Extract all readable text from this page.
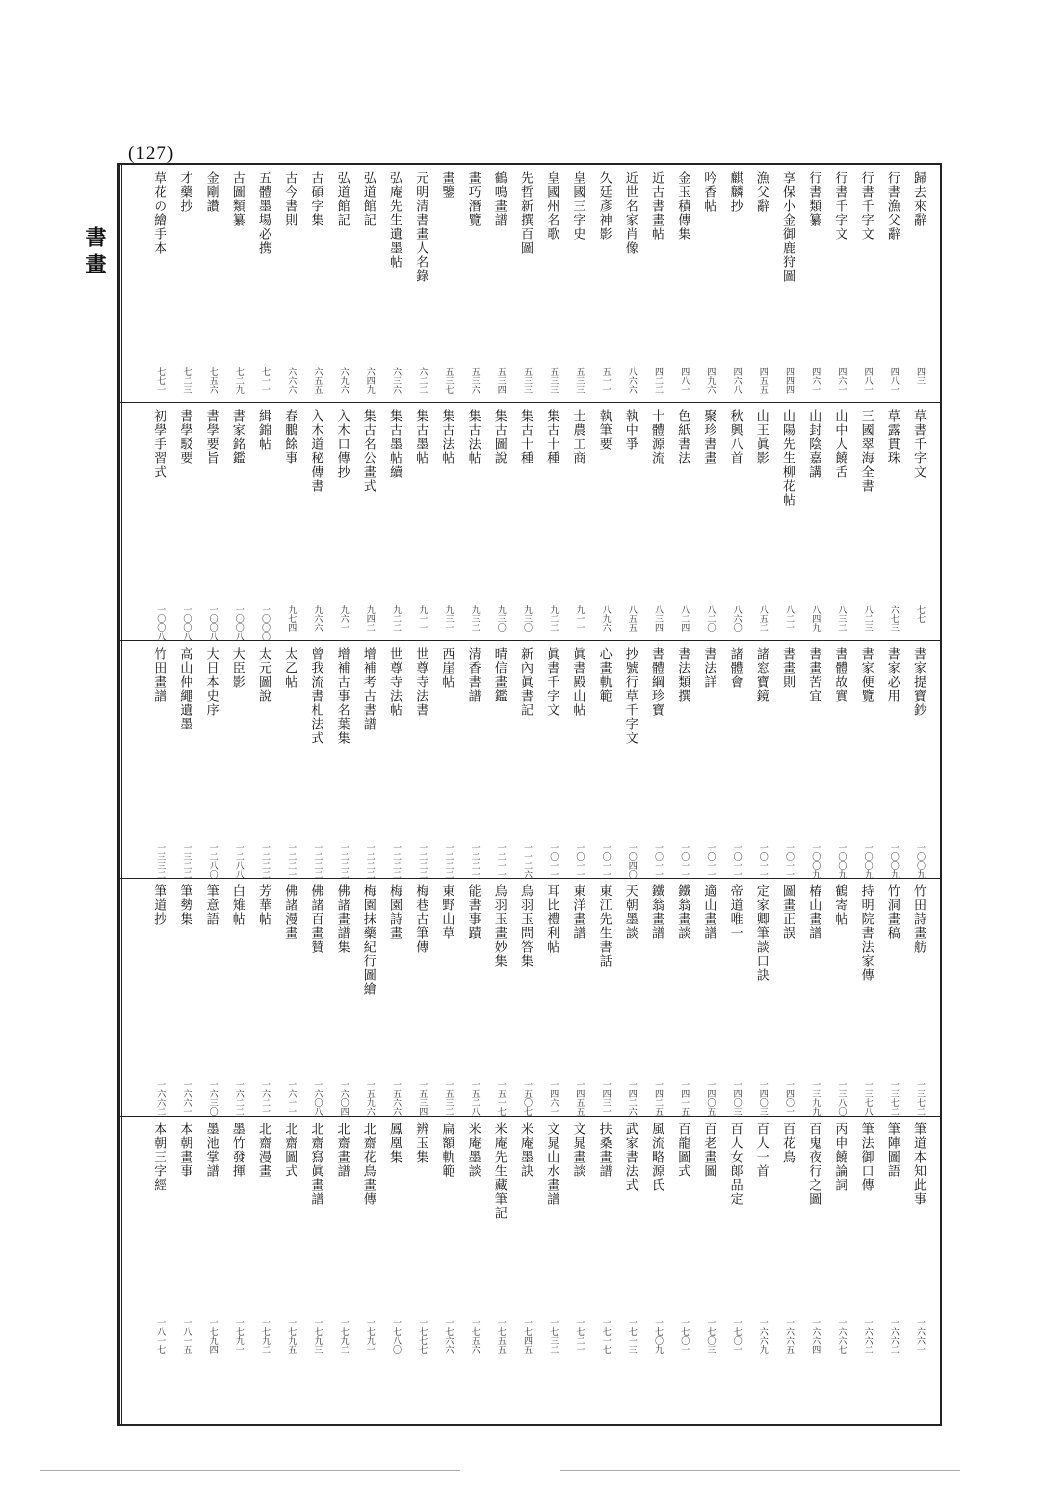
(127)
書畫
歸去來辭
四三
行書漁父辭
四八一
行書千字文
四八一
行書千字文
四六一
行書類纂
四六一
享保小金御鹿狩圖
四四四
漁父辭
四五五
麒麟抄
四六八
吟香帖
四九六
金玉積傳集
四八一
近古書畫帖
四二二
近世名家肖像
八六六
久廷彥神影
五一一
皇國三字史
五三三
皇國州名歌
五三三
先哲新撰百圖
五三三
鶴鳴畫譜
五三四
畫巧潛覽
五三六
畫鑒
五三七
元明清書畫人名錄
六二二
弘庵先生遺墨帖
六三六
弘道館記
六四九
弘道館記
六九六
古碩字集
六五五
古今書則
六六六
五體墨場必携
七一一
古圖類纂
七二九
金剛讚
七五六
才藥抄
七二三
草花の繪手本
七七一
草書千字文
七七
草露貫珠
六七三
三國翠海全書
八二三
山中人饒舌
八三二
山封陰嘉講
八四九
山陽先生柳花帖
八二一
山王眞影
八五二
秋興八首
八六〇
聚珍書畫
八二〇
色紙書法
八二四
十體源流
八三四
執中爭
八五五
執筆要
八九六
士農工商
九一一
集古十種
九二二
集古十種
九三〇
集古圖說
九三〇
集古法帖
九三二
集古法帖
九三一
集古墨帖
九一一
集古墨帖續
九二二
集古名公畫式
九四二
入木口傳抄
九六一
入木道秘傳書
九六六
春鵬餘事
九七四
緝錦帖
一〇〇〇
書家銘鑑
一〇〇八
書學要旨
一〇〇八
書學駁要
一〇〇八
初學手習式
一〇〇八
書家提寶鈔
一〇〇九
書家必用
一〇〇九
書家便覽
一〇〇九
書體故實
一〇〇九
書畫苦宜
一〇〇九
書畫則
一〇一一
諸窓寶鏡
一〇一一
諸體會
一〇一一
書法詳
一〇一一
書法類撰
一〇一一
書體綱珍寶
一〇一一
抄號行草千字文
一〇四〇
心畫軌範
一〇一一
眞書殿山帖
一〇一一
眞書千字文
一〇一一
新內眞書記
一一二六
晴信畫鑑
一二一一
清香書譜
一二二一
西崖帖
一二二二
世尊寺法書
一二二二
世尊寺法帖
一二二二
增補考古書譜
一二二二
增補古事名葉集
一二二二
曾我流書札法式
一二二二
太乙帖
一二二一
太元圖說
一二二二
大臣影
一二八八
大日本史序
一二八〇
高山仲繩遺墨
一三二二
竹田畫譜
一三三二
竹田詩畫舫
一三七二
竹洞畫稿
一三七二
持明院書法家傳
一三七八
鶴寄帖
一三八〇
椿山畫譜
一三九九
圖畫正誤
一四〇一
定家卿筆談口訣
一四〇三
帝道唯一
一四〇三
適山畫譜
一四〇五
鐵翁畫談
一四一五
鐵翁畫譜
一四二五
天朝墨談
一四二六
東江先生書話
一四三一
東洋畫譜
一四五五
耳比禮利帖
一四六一
烏羽玉問答集
一五〇七
烏羽玉畫妙集
一五一七
能書事蹟
一五二八
東野山草
一五三二
梅巷古筆傳
一五三四
梅園詩畫
一五六六
梅園抹藥紀行圖繪
一五九六
佛諸畫譜集
一六〇四
佛諸百畫贊
一六〇八
佛諸漫畫
一六一一
芳華帖
一六二一
白雉帖
一六二二
筆意語
一六三〇
筆勢集
一六六一
筆道抄
一六六二
筆道本知此事
一六六一
筆陣圖語
一六六二
筆法御口傳
一六六二
丙申饒論詞
一六六七
百鬼夜行之圖
一六六四
百花鳥
一六六五
百人一首
一六六九
百人女郞品定
一七〇一
百老畫圖
一七〇三
百龍圖式
一七〇一
風流略源氏
一七〇九
武家書法式
一七一三
扶桑畫譜
一七一七
文晁畫談
一七二一
文晁山水畫譜
一七三二
米庵墨訣
一七四五
米庵先生藏筆記
一七五五
米庵墨談
一七五六
扁額軌範
一七六六
辨玉集
一七七七
鳳凰集
一七八〇
北齋花鳥畫傳
一七九一
北齋畫譜
一七九二
北齋寫眞畫譜
一七九三
北齋圖式
一七九五
北齋漫畫
一七九二
墨竹發揮
一七九一
墨池掌譜
一七九四
本朝畫事
一八一五
本朝三字經
一八一七
